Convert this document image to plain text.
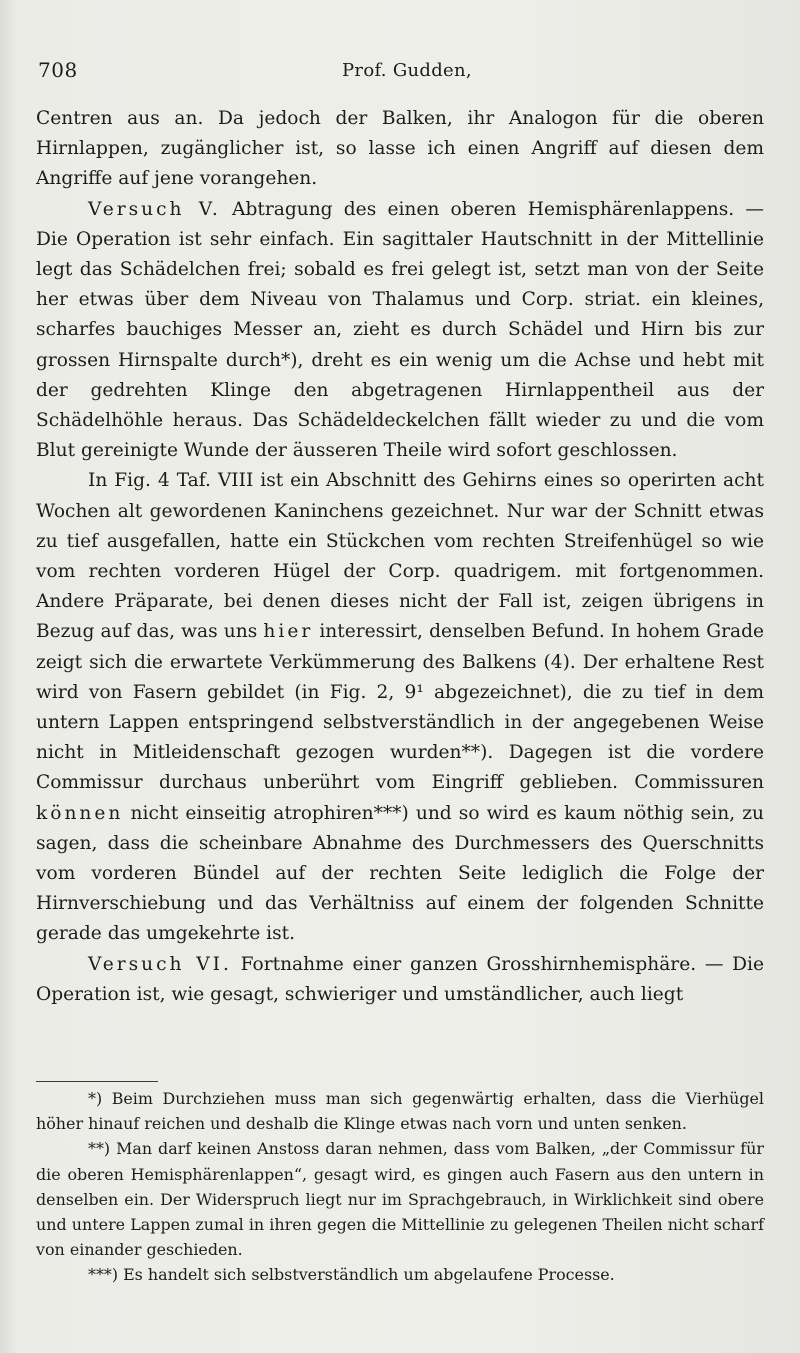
708	Prof. Gudden,

Centren aus an. Da jedoch der Balken, ihr Analogon für die oberen Hirnlappen, zugänglicher ist, so lasse ich einen Angriff auf diesen dem Angriffe auf jene vorangehen.

Versuch V. Abtragung des einen oberen Hemisphärenlappens. — Die Operation ist sehr einfach. Ein sagittaler Hautschnitt in der Mittellinie legt das Schädelchen frei; sobald es frei gelegt ist, setzt man von der Seite her etwas über dem Niveau von Thalamus und Corp. striat. ein kleines, scharfes bauchiges Messer an, zieht es durch Schädel und Hirn bis zur grossen Hirnspalte durch*), dreht es ein wenig um die Achse und hebt mit der gedrehten Klinge den abgetragenen Hirnlappentheil aus der Schädelhöhle heraus. Das Schädeldeckelchen fällt wieder zu und die vom Blut gereinigte Wunde der äusseren Theile wird sofort geschlossen.

In Fig. 4 Taf. VIII ist ein Abschnitt des Gehirns eines so operirten acht Wochen alt gewordenen Kaninchens gezeichnet. Nur war der Schnitt etwas zu tief ausgefallen, hatte ein Stückchen vom rechten Streifenhügel so wie vom rechten vorderen Hügel der Corp. quadrigem. mit fortgenommen. Andere Präparate, bei denen dieses nicht der Fall ist, zeigen übrigens in Bezug auf das, was uns hier interessirt, denselben Befund. In hohem Grade zeigt sich die erwartete Verkümmerung des Balkens (4). Der erhaltene Rest wird von Fasern gebildet (in Fig. 2, 9¹ abgezeichnet), die zu tief in dem untern Lappen entspringend selbstverständlich in der angegebenen Weise nicht in Mitleidenschaft gezogen wurden**). Dagegen ist die vordere Commissur durchaus unberührt vom Eingriff geblieben. Commissuren können nicht einseitig atrophiren***) und so wird es kaum nöthig sein, zu sagen, dass die scheinbare Abnahme des Durchmessers des Querschnitts vom vorderen Bündel auf der rechten Seite lediglich die Folge der Hirnverschiebung und das Verhältniss auf einem der folgenden Schnitte gerade das umgekehrte ist.

Versuch VI. Fortnahme einer ganzen Grosshirnhemisphäre. — Die Operation ist, wie gesagt, schwieriger und umständlicher, auch liegt

*) Beim Durchziehen muss man sich gegenwärtig erhalten, dass die Vierhügel höher hinauf reichen und deshalb die Klinge etwas nach vorn und unten senken.

**) Man darf keinen Anstoss daran nehmen, dass vom Balken, „der Commissur für die oberen Hemisphärenlappen“, gesagt wird, es gingen auch Fasern aus den untern in denselben ein. Der Widerspruch liegt nur im Sprachgebrauch, in Wirklichkeit sind obere und untere Lappen zumal in ihren gegen die Mittellinie zu gelegenen Theilen nicht scharf von einander geschieden.

***) Es handelt sich selbstverständlich um abgelaufene Processe.
